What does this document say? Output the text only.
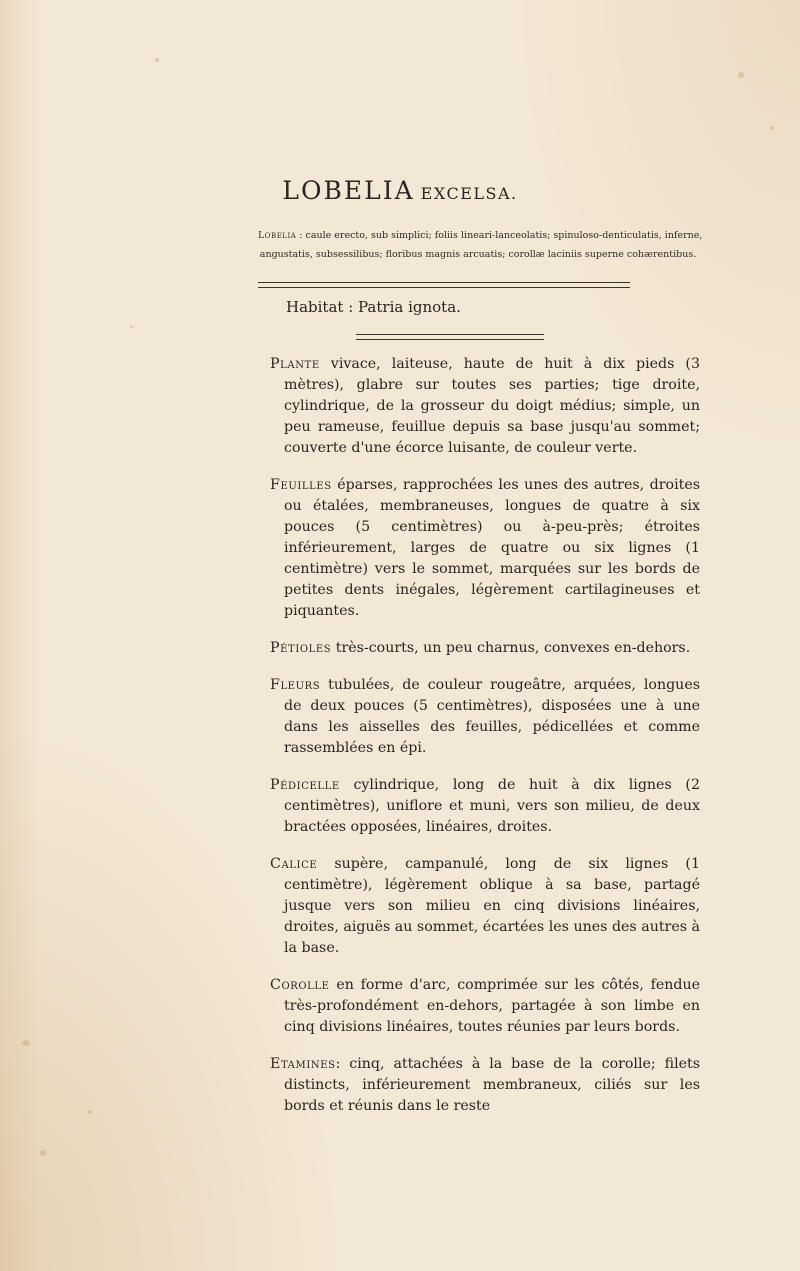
LOBELIA EXCELSA.
Lobelia : caule erecto, sub simplici; foliis lineari-lanceolatis; spinuloso-denticulatis, inferne,
angustatis, subsessilibus; floribus magnis arcuatis; corollæ laciniis superne cohærentibus.
Habitat : Patria ignota.

Plante vivace, laiteuse, haute de huit à dix pieds (3 mètres), glabre sur toutes ses parties; tige droite, cylindrique, de la grosseur du doigt médius; simple, un peu rameuse, feuillue depuis sa base jusqu'au sommet; couverte d'une écorce luisante, de couleur verte.

Feuilles éparses, rapprochées les unes des autres, droites ou étalées, membraneuses, longues de quatre à six pouces (5 centimètres) ou à-peu-près; étroites inférieurement, larges de quatre ou six lignes (1 centimètre) vers le sommet, marquées sur les bords de petites dents inégales, légèrement cartilagineuses et piquantes.

Pétioles très-courts, un peu charnus, convexes en-dehors.

Fleurs tubulées, de couleur rougeâtre, arquées, longues de deux pouces (5 centimètres), disposées une à une dans les aisselles des feuilles, pédicellées et comme rassemblées en épi.

Pédicelle cylindrique, long de huit à dix lignes (2 centimètres), uniflore et muni, vers son milieu, de deux bractées opposées, linéaires, droites.

Calice supère, campanulé, long de six lignes (1 centimètre), légèrement oblique à sa base, partagé jusque vers son milieu en cinq divisions linéaires, droites, aiguës au sommet, écartées les unes des autres à la base.

Corolle en forme d'arc, comprimée sur les côtés, fendue très-profondément en-dehors, partagée à son limbe en cinq divisions linéaires, toutes réunies par leurs bords.

Etamines: cinq, attachées à la base de la corolle; filets distincts, inférieurement membraneux, ciliés sur les bords et réunis dans le reste
